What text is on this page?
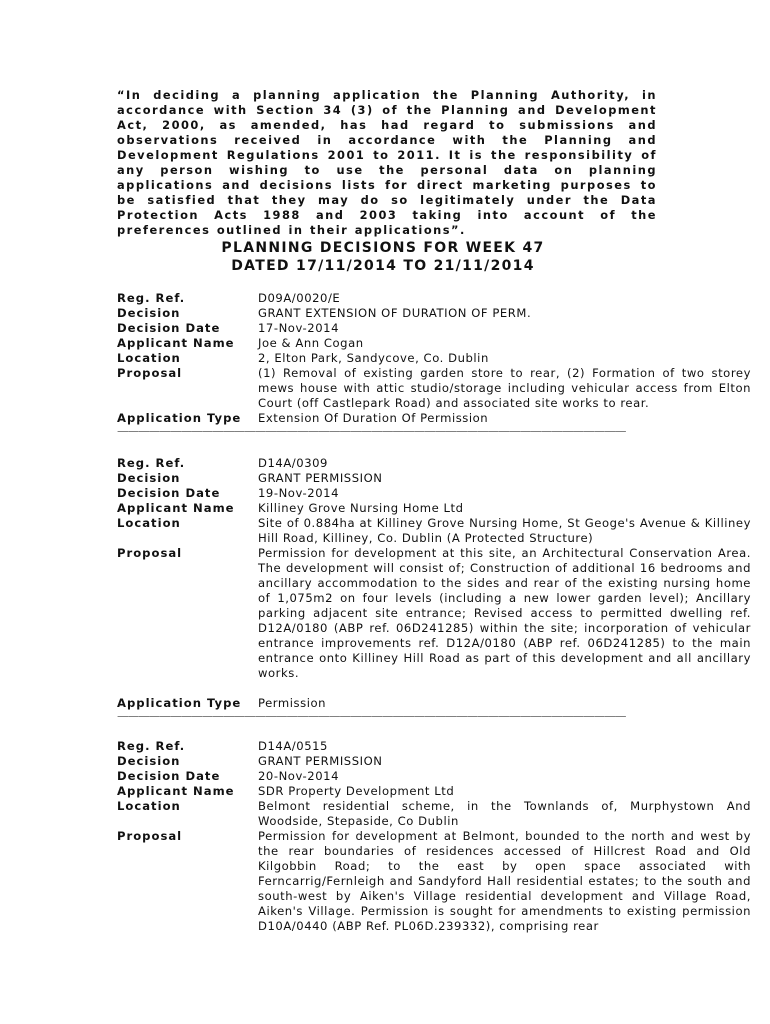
“In deciding a planning application the Planning Authority, in accordance with Section 34 (3) of the Planning and Development Act, 2000, as amended, has had regard to submissions and observations received in accordance with the Planning and Development Regulations 2001 to 2011. It is the responsibility of any person wishing to use the personal data on planning applications and decisions lists for direct marketing purposes to be satisfied that they may do so legitimately under the Data Protection Acts 1988 and 2003 taking into account of the preferences outlined in their applications”.
PLANNING DECISIONS FOR WEEK 47
DATED 17/11/2014 TO 21/11/2014
Reg. Ref.	D09A/0020/E
Decision	GRANT EXTENSION OF DURATION OF PERM.
Decision Date	17-Nov-2014
Applicant Name	Joe & Ann Cogan
Location	2, Elton Park, Sandycove, Co. Dublin
Proposal	(1) Removal of existing garden store to rear, (2) Formation of two storey mews house with attic studio/storage including vehicular access from Elton Court (off Castlepark Road) and associated site works to rear.
Application Type	Extension Of Duration Of Permission
————————————————————————————————————————————————
Reg. Ref.	D14A/0309
Decision	GRANT PERMISSION
Decision Date	19-Nov-2014
Applicant Name	Killiney Grove Nursing Home Ltd
Location	Site of 0.884ha at Killiney Grove Nursing Home, St Geoge's Avenue & Killiney Hill Road, Killiney, Co. Dublin (A Protected Structure)
Proposal	Permission for development at this site, an Architectural Conservation Area. The development will consist of; Construction of additional 16 bedrooms and ancillary accommodation to the sides and rear of the existing nursing home of 1,075m2 on four levels (including a new lower garden level); Ancillary parking adjacent site entrance; Revised access to permitted dwelling ref. D12A/0180 (ABP ref. 06D241285) within the site; incorporation of vehicular entrance improvements ref. D12A/0180 (ABP ref. 06D241285) to the main entrance onto Killiney Hill Road as part of this development and all ancillary works.
Application Type	Permission
————————————————————————————————————————————————
Reg. Ref.	D14A/0515
Decision	GRANT PERMISSION
Decision Date	20-Nov-2014
Applicant Name	SDR Property Development Ltd
Location	Belmont residential scheme, in the Townlands of, Murphystown And Woodside, Stepaside, Co Dublin
Proposal	Permission for development at Belmont, bounded to the north and west by the rear boundaries of residences accessed of Hillcrest Road and Old Kilgobbin Road; to the east by open space associated with Ferncarrig/Fernleigh and Sandyford Hall residential estates; to the south and south-west by Aiken's Village residential development and Village Road, Aiken's Village. Permission is sought for amendments to existing permission D10A/0440 (ABP Ref. PL06D.239332), comprising rear
